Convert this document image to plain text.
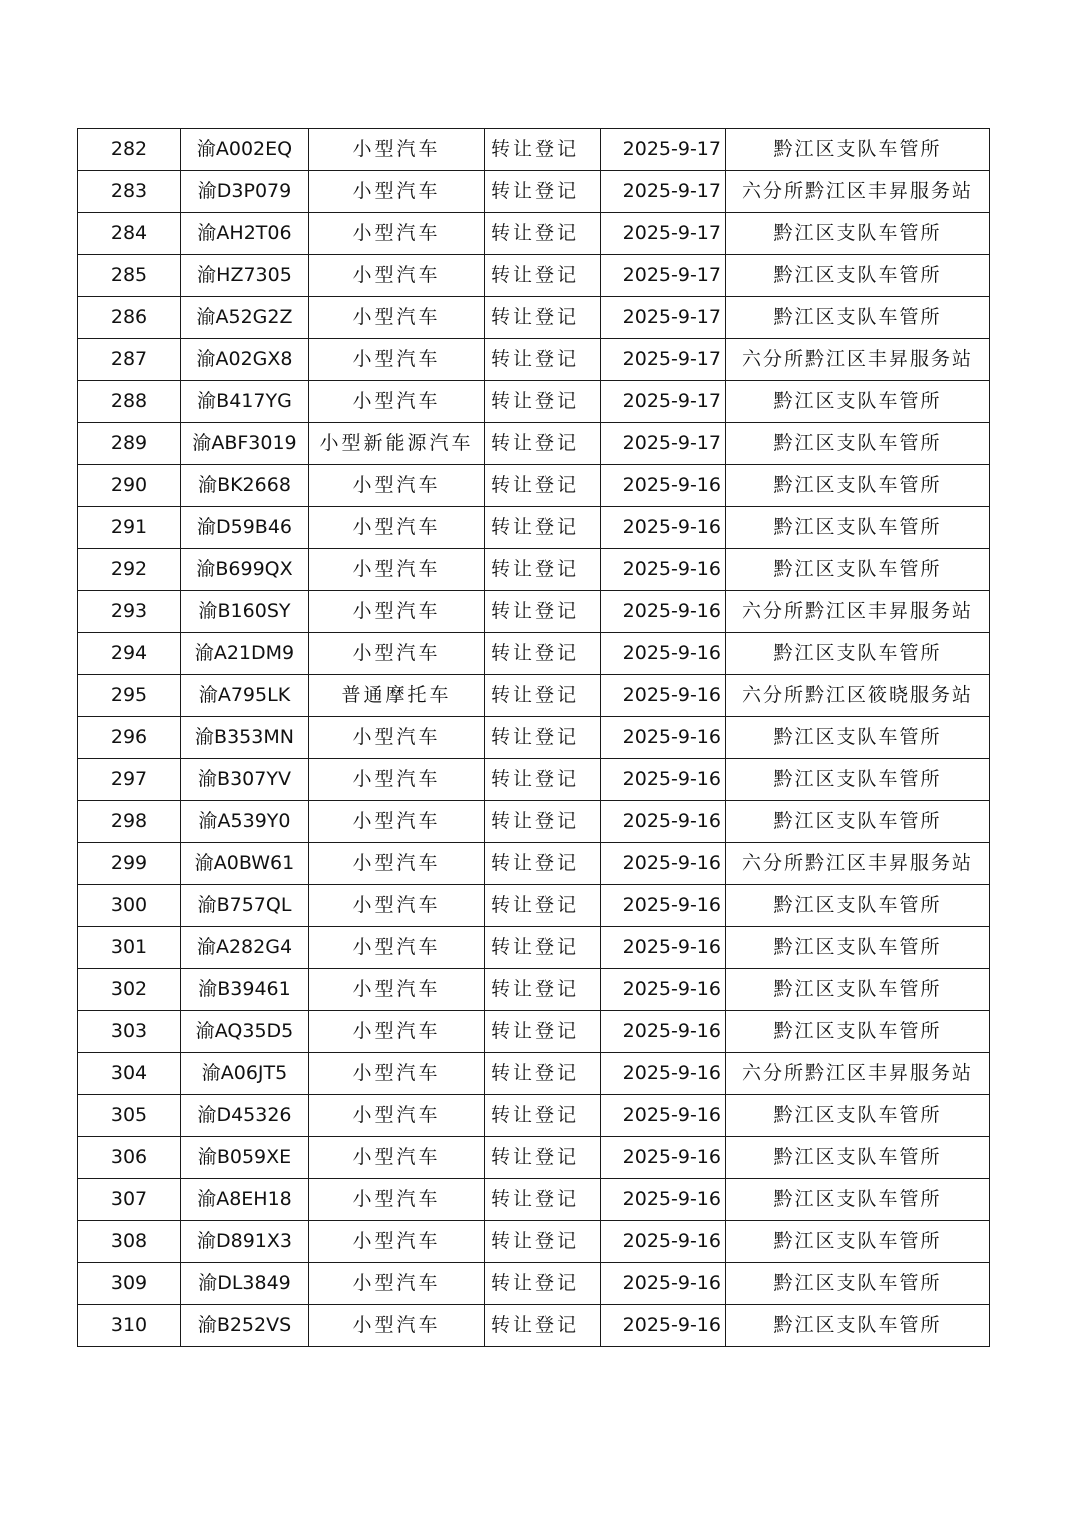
282	渝A002EQ	小型汽车	转让登记	2025-9-17	黔江区支队车管所
283	渝D3P079	小型汽车	转让登记	2025-9-17	六分所黔江区丰昇服务站
284	渝AH2T06	小型汽车	转让登记	2025-9-17	黔江区支队车管所
285	渝HZ7305	小型汽车	转让登记	2025-9-17	黔江区支队车管所
286	渝A52G2Z	小型汽车	转让登记	2025-9-17	黔江区支队车管所
287	渝A02GX8	小型汽车	转让登记	2025-9-17	六分所黔江区丰昇服务站
288	渝B417YG	小型汽车	转让登记	2025-9-17	黔江区支队车管所
289	渝ABF3019	小型新能源汽车	转让登记	2025-9-17	黔江区支队车管所
290	渝BK2668	小型汽车	转让登记	2025-9-16	黔江区支队车管所
291	渝D59B46	小型汽车	转让登记	2025-9-16	黔江区支队车管所
292	渝B699QX	小型汽车	转让登记	2025-9-16	黔江区支队车管所
293	渝B160SY	小型汽车	转让登记	2025-9-16	六分所黔江区丰昇服务站
294	渝A21DM9	小型汽车	转让登记	2025-9-16	黔江区支队车管所
295	渝A795LK	普通摩托车	转让登记	2025-9-16	六分所黔江区筱晓服务站
296	渝B353MN	小型汽车	转让登记	2025-9-16	黔江区支队车管所
297	渝B307YV	小型汽车	转让登记	2025-9-16	黔江区支队车管所
298	渝A539Y0	小型汽车	转让登记	2025-9-16	黔江区支队车管所
299	渝A0BW61	小型汽车	转让登记	2025-9-16	六分所黔江区丰昇服务站
300	渝B757QL	小型汽车	转让登记	2025-9-16	黔江区支队车管所
301	渝A282G4	小型汽车	转让登记	2025-9-16	黔江区支队车管所
302	渝B39461	小型汽车	转让登记	2025-9-16	黔江区支队车管所
303	渝AQ35D5	小型汽车	转让登记	2025-9-16	黔江区支队车管所
304	渝A06JT5	小型汽车	转让登记	2025-9-16	六分所黔江区丰昇服务站
305	渝D45326	小型汽车	转让登记	2025-9-16	黔江区支队车管所
306	渝B059XE	小型汽车	转让登记	2025-9-16	黔江区支队车管所
307	渝A8EH18	小型汽车	转让登记	2025-9-16	黔江区支队车管所
308	渝D891X3	小型汽车	转让登记	2025-9-16	黔江区支队车管所
309	渝DL3849	小型汽车	转让登记	2025-9-16	黔江区支队车管所
310	渝B252VS	小型汽车	转让登记	2025-9-16	黔江区支队车管所
